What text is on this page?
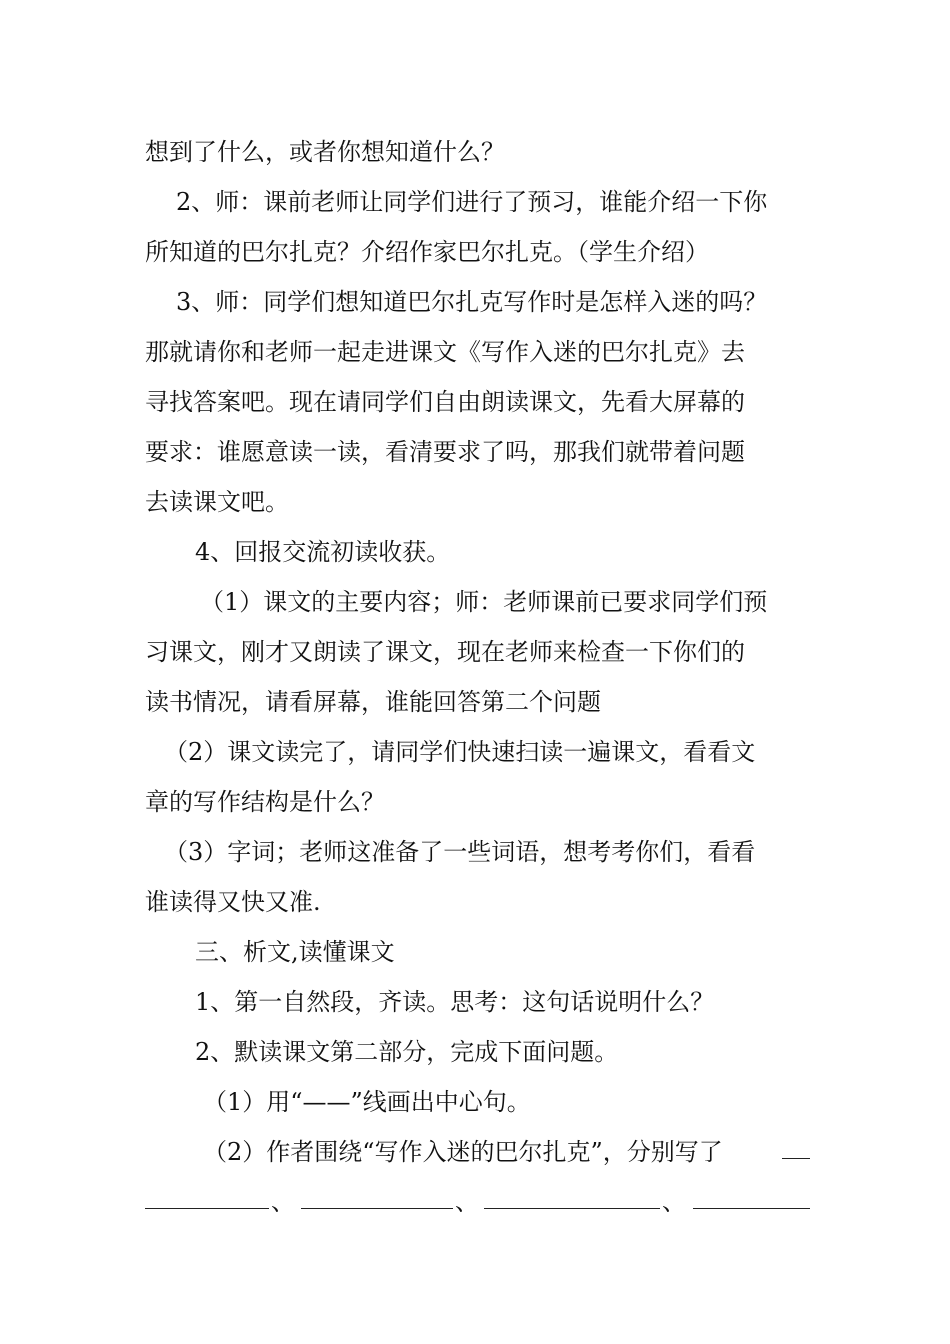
想到了什么，或者你想知道什么？
2、师：课前老师让同学们进行了预习，谁能介绍一下你
所知道的巴尔扎克？介绍作家巴尔扎克。（学生介绍）
3、师：同学们想知道巴尔扎克写作时是怎样入迷的吗？
那就请你和老师一起走进课文《写作入迷的巴尔扎克》去
寻找答案吧。现在请同学们自由朗读课文，先看大屏幕的
要求：谁愿意读一读，看清要求了吗，那我们就带着问题
去读课文吧。
4、回报交流初读收获。
（1）课文的主要内容；师：老师课前已要求同学们预
习课文，刚才又朗读了课文，现在老师来检查一下你们的
读书情况，请看屏幕，谁能回答第二个问题
（2）课文读完了，请同学们快速扫读一遍课文，看看文
章的写作结构是什么？
（3）字词；老师这准备了一些词语，想考考你们，看看
谁读得又快又准.
三、析文,读懂课文
1、第一自然段，齐读。思考：这句话说明什么？
2、默读课文第二部分，完成下面问题。
（1）用“——”线画出中心句。
（2）作者围绕“写作入迷的巴尔扎克”，分别写了
、	、	、
